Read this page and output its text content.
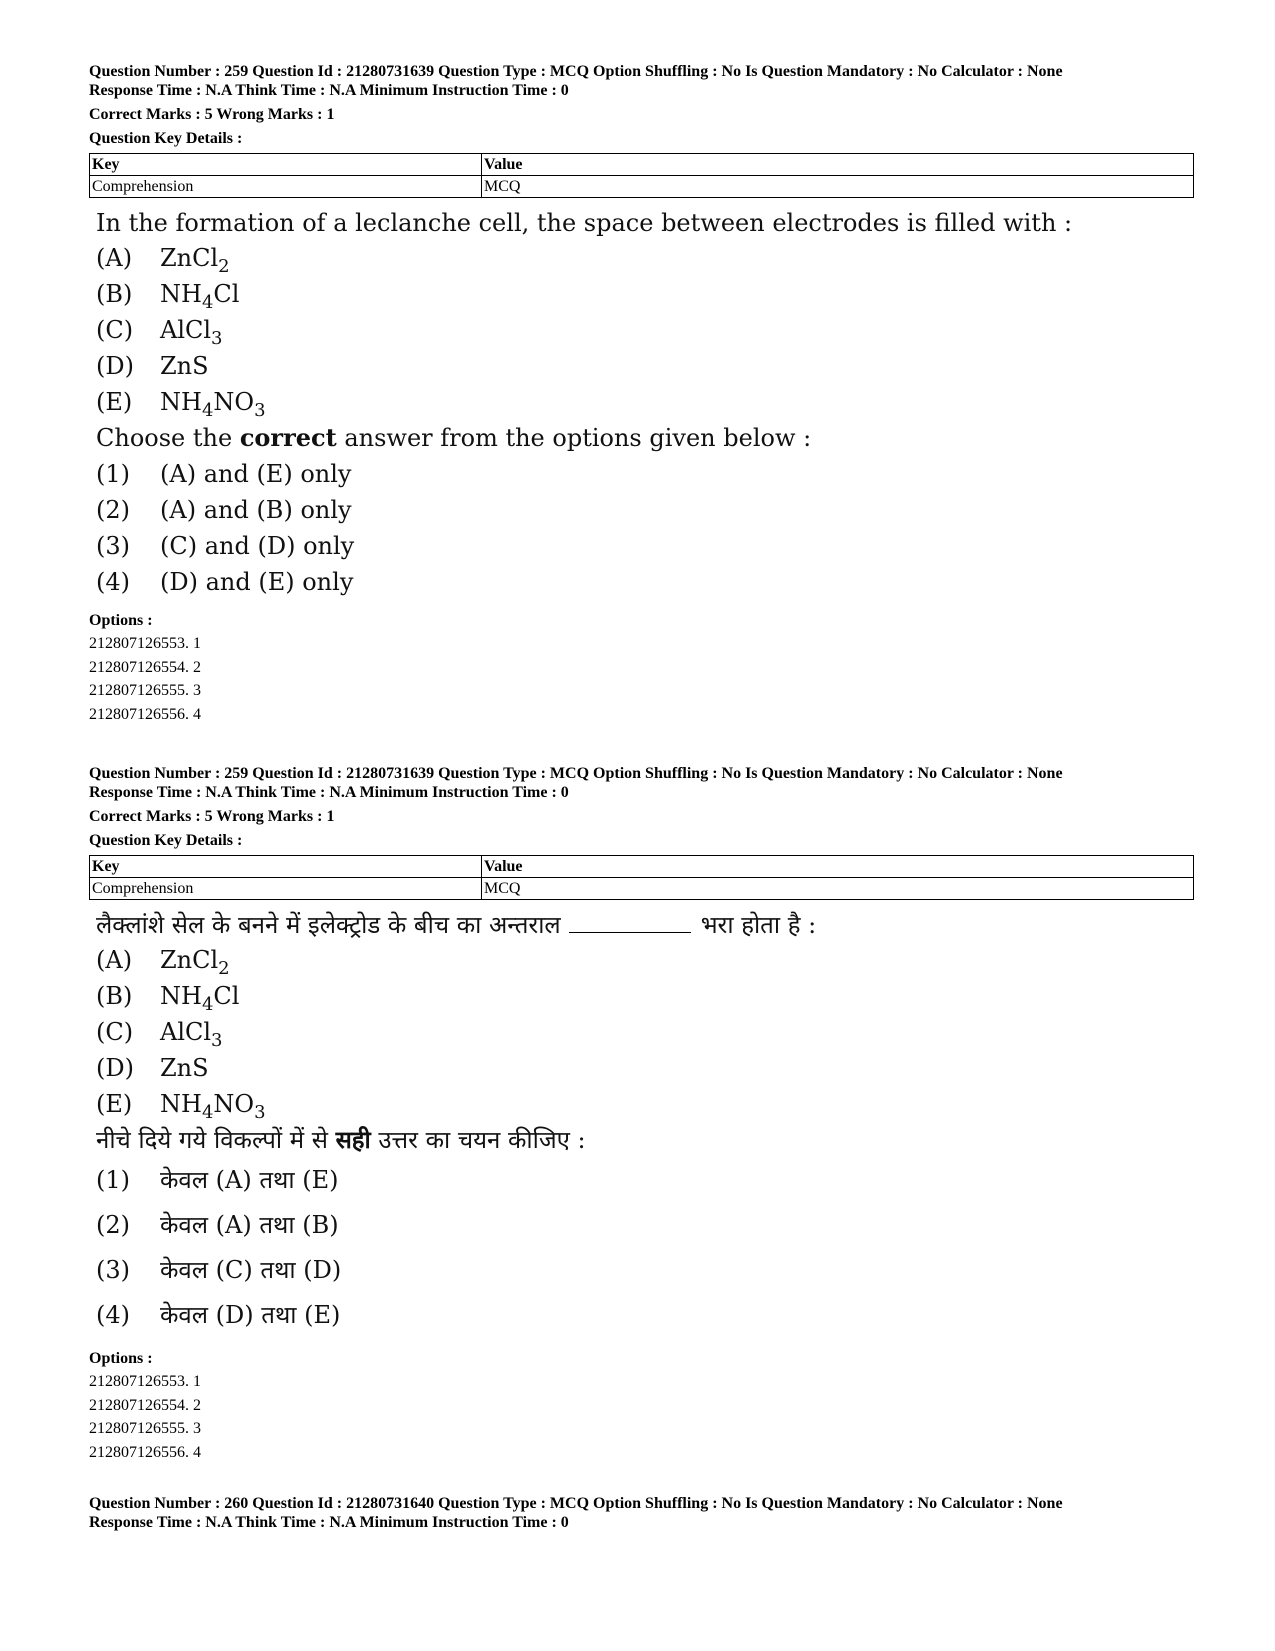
Question Number : 259 Question Id : 21280731639 Question Type : MCQ Option Shuffling : No Is Question Mandatory : No Calculator : None

Response Time : N.A Think Time : N.A Minimum Instruction Time : 0

Correct Marks : 5 Wrong Marks : 1

Question Key Details :

Key	Value
Comprehension	MCQ
In the formation of a leclanche cell, the space between electrodes is filled with :
(A)	ZnCl$_2$
(B)	$NH_4Cl$
(C)	AlCl$_3$
(D)	ZnS
(E)	$NH_4NO_3$
Choose the correct answer from the options given below :
(1)	(A) and (E) only
(2)	(A) and (B) only
(3)	(C) and (D) only
(4)	(D) and (E) only
Options :
212807126553. 1
212807126554. 2
212807126555. 3
212807126556. 4

Question Number : 259 Question Id : 21280731639 Question Type : MCQ Option Shuffling : No Is Question Mandatory : No Calculator : None

Response Time : N.A Think Time : N.A Minimum Instruction Time : 0

Correct Marks : 5 Wrong Marks : 1

Question Key Details :

Key	Value
Comprehension	MCQ
लैक्लांशे सेल के बनने में इलेक्ट्रोड के बीच का अन्तराल	भरा होता है :
(A)	ZnCl$_2$
(B)	$NH_4Cl$
(C)	AlCl$_3$
(D)	ZnS
(E)	$NH_4NO_3$
नीचे दिये गये विकल्पों में से सही उत्तर का चयन कीजिए :
(1)	केवल (A) तथा (E)
(2)	केवल (A) तथा (B)
(3)	केवल (C) तथा (D)
(4)	केवल (D) तथा (E)
Options :
212807126553. 1
212807126554. 2
212807126555. 3
212807126556. 4

Question Number : 260 Question Id : 21280731640 Question Type : MCQ Option Shuffling : No Is Question Mandatory : No Calculator : None

Response Time : N.A Think Time : N.A Minimum Instruction Time : 0
